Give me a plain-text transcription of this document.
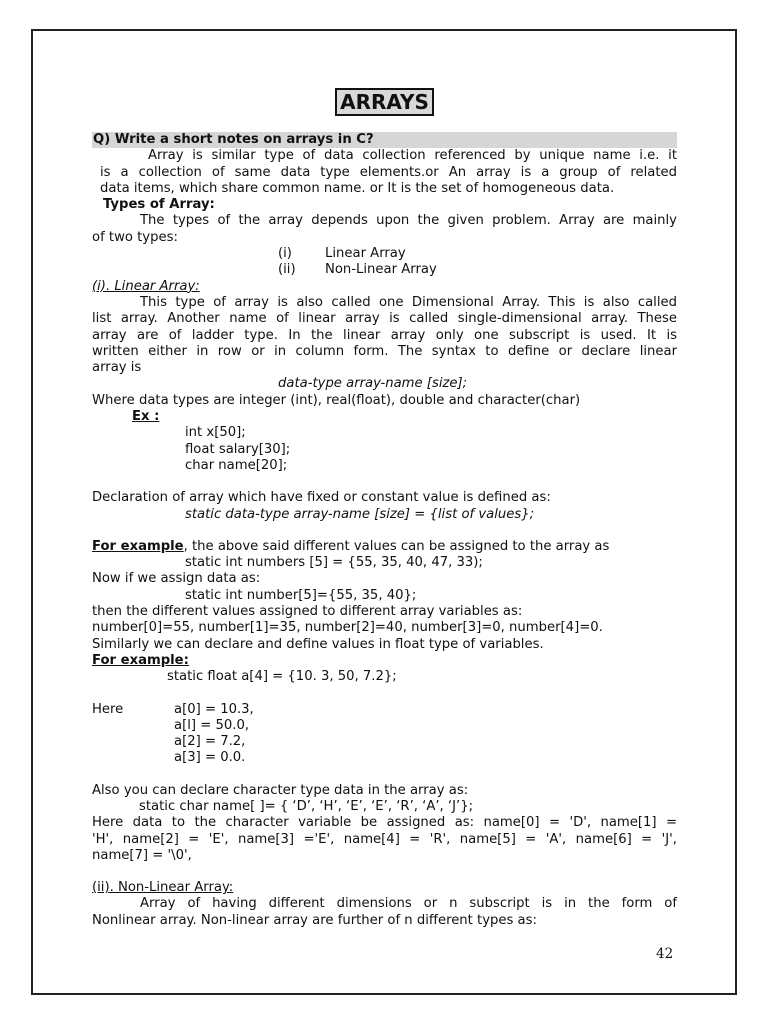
ARRAYS
Q) Write a short notes on arrays in C?
Array is similar type of data collection referenced by unique name i.e. it
is a collection of same data type elements.or An array is a group of related
data items, which share common name. or It is the set of homogeneous data.
Types of Array:
The types of the array depends upon the given problem. Array are mainly
of two types:
(i)	Linear Array
(ii) Non-Linear Array
(i). Linear Array:
This type of array is also called one Dimensional Array. This is also called
list array. Another name of linear array is called single-dimensional array. These
array are of ladder type. In the linear array only one subscript is used. It is
written either in row or in column form. The syntax to define or declare linear
array is
data-type array-name [size];
Where data types are integer (int), real(float), double and character(char)
Ex :
int x[50];
float salary[30];
char name[20];
Declaration of array which have fixed or constant value is defined as:
static data-type array-name [size] = {list of values};
For example, the above said different values can be assigned to the array as
static int numbers [5] = {55, 35, 40, 47, 33);
Now if we assign data as:
static int number[5]={55, 35, 40};
then the different values assigned to different array variables as:
number[0]=55, number[1]=35, number[2]=40, number[3]=0, number[4]=0.
Similarly we can declare and define values in float type of variables.
For example:
static float a[4] = {10. 3, 50, 7.2};
Here	a[0] = 10.3,
a[l] = 50.0,
a[2] = 7.2,
a[3] = 0.0.
Also you can declare character type data in the array as:
static char name[ ]= { ‘D’, ‘H’, ‘E’, ‘E’, ‘R’, ‘A’, ‘J’};
Here data to the character variable be assigned as: name[0] = 'D', name[1] =
'H', name[2] = 'E', name[3] ='E', name[4] = 'R', name[5] = 'A', name[6] = 'J',
name[7] = '\0',
(ii). Non-Linear Array:
Array of having different dimensions or n subscript is in the form of
Nonlinear array. Non-linear array are further of n different types as:
42
